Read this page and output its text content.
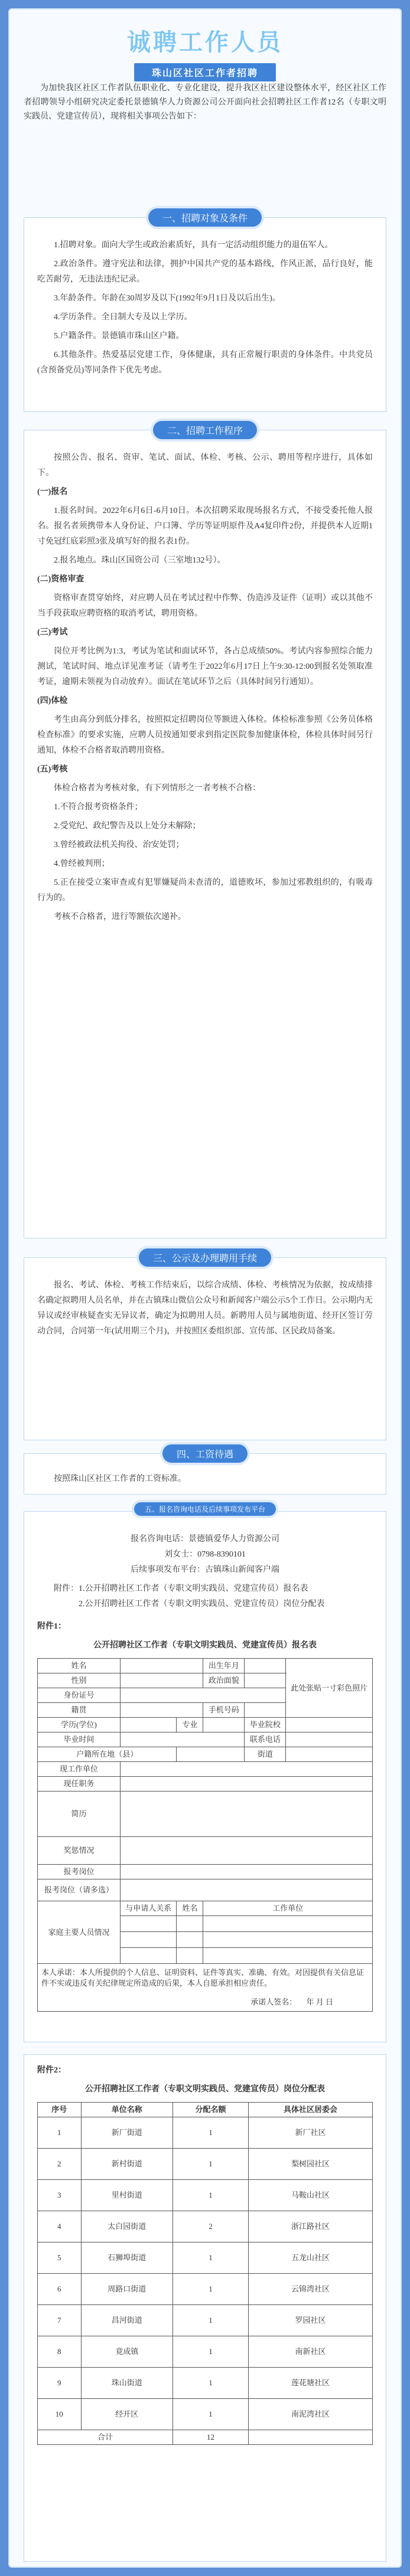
诚聘工作人员
珠山区社区工作者招聘
为加快我区社区工作者队伍职业化、专业化建设，提升我区社区建设整体水平，经区社区工作者招聘领导小组研究决定委托景德镇华人力资源公司公开面向社会招聘社区工作者12名（专职文明实践员、党建宣传员），现将相关事项公告如下：
一、招聘对象及条件

1.招聘对象。面向大学生或政治素质好，具有一定活动组织能力的退伍军人。

2.政治条件。遵守宪法和法律，拥护中国共产党的基本路线，作风正派，品行良好，能吃苦耐劳，无违法违纪记录。

3.年龄条件。年龄在30周岁及以下(1992年9月1日及以后出生)。

4.学历条件。全日制大专及以上学历。

5.户籍条件。景德镇市珠山区户籍。

6.其他条件。热爱基层党建工作，身体健康，具有正常履行职责的身体条件。中共党员(含预备党员)等同条件下优先考虑。

二、招聘工作程序

按照公告、报名、资审、笔试、面试、体检、考核、公示、聘用等程序进行，具体如下。

(一)报名

1.报名时间。2022年6月6日-6月10日。本次招聘采取现场报名方式，不接受委托他人报名。报名者须携带本人身份证、户口簿、学历等证明原件及A4复印件2份，并提供本人近期1寸免冠红底彩照3张及填写好的报名表1份。

2.报名地点。珠山区国资公司（三室地132号）。

(二)资格审查

资格审查贯穿始终，对应聘人员在考试过程中作弊、伪造涉及证件（证明）或以其他不当手段获取应聘资格的取消考试，聘用资格。

(三)考试

岗位开考比例为1:3，考试为笔试和面试环节，各占总成绩50%。考试内容参照综合能力测试，笔试时间、地点详见准考证（请考生于2022年6月17日上午9:30-12:00到报名处领取准考证，逾期未领视为自动放弃）。面试在笔试环节之后（具体时间另行通知）。

(四)体检

考生由高分到低分排名，按照拟定招聘岗位等额进入体检。体检标准参照《公务员体格检查标准》的要求实施，应聘人员按通知要求到指定医院参加健康体检，体检具体时间另行通知，体检不合格者取消聘用资格。

(五)考核

体检合格者为考核对象，有下列情形之一者考核不合格：

1.不符合报考资格条件；

2.受党纪、政纪警告及以上处分未解除；

3.曾经被政法机关拘役、治安处罚；

4.曾经被判刑；

5.正在接受立案审查或有犯罪嫌疑尚未查清的，道德败坏，参加过邪教组织的，有吸毒行为的。

考核不合格者，进行等额依次递补。

三、公示及办理聘用手续

报名、考试、体检、考核工作结束后，以综合成绩、体检、考核情况为依据，按成绩排名确定拟聘用人员名单，并在古镇珠山微信公众号和新闻客户端公示5个工作日。公示期内无异议或经审核疑查实无异议者，确定为拟聘用人员。新聘用人员与属地街道、经开区签订劳动合同，合同第一年(试用期三个月)，并按照区委组织部、宣传部、区民政局备案。

四、工资待遇

按照珠山区社区工作者的工资标准。

五、报名咨询电话及后续事项发布平台

报名咨询电话：景德镇爱华人力资源公司

刘女士：0798-8390101

后续事项发布平台：古镇珠山新闻客户端

附件：1.公开招聘社区工作者（专职文明实践员、党建宣传员）报名表

2.公开招聘社区工作者（专职文明实践员、党建宣传员）岗位分配表

附件1：

公开招聘社区工作者（专职文明实践员、党建宣传员）报名表
姓名			出生年月		此处张贴一寸彩色照片
性别			政治面貌		
身份证号					
籍贯			手机号码		
学历(学位)		专业		毕业院校	
毕业时间				联系电话	
户籍所在地（县）				街道	
现工作单位					
现任职务					
简历					
奖惩情况					
报考岗位					
报考岗位（请多选）					
家庭主要人员情况	与申请人关系	姓名	工作单位		

本人承诺：本人所提供的个人信息、证明资料、证件等真实、准确、有效。对因提供有关信息证件不实或违反有关纪律规定所造成的后果，本人自愿承担相应责任。
承诺人签名： 年 月 日					

附件2：

公开招聘社区工作者（专职文明实践员、党建宣传员）岗位分配表
序号	单位名称	分配名额	具体社区居委会
1	新厂街道	1	新厂社区
2	新村街道	1	梨树园社区
3	里村街道	1	马鞍山社区
4	太白园街道	2	浙江路社区
5	石狮埠街道	1	五龙山社区
6	周路口街道	1	云锦湾社区
7	昌河街道	1	罗园社区
8	竟成镇	1	南新社区
9	珠山街道	1	莲花塘社区
10	经开区	1	南泥湾社区
合计		12	
